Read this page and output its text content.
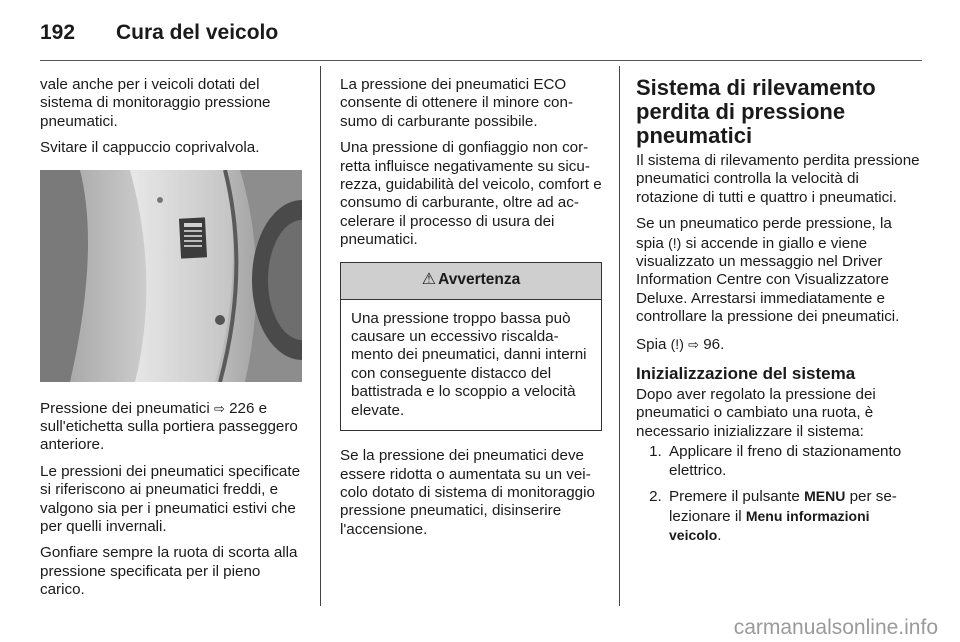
192	Cura del veicolo

vale anche per i veicoli dotati del sistema di monitoraggio pressione pneumatici.

Svitare il cappuccio coprivalvola.

Pressione dei pneumatici ⇨ 226 e sull'etichetta sulla portiera passeggero anteriore.

Le pressioni dei pneumatici specificate si riferiscono ai pneumatici freddi, e valgono sia per i pneumatici estivi che per quelli invernali.

Gonfiare sempre la ruota di scorta alla pressione specificata per il pieno carico.

La pressione dei pneumatici ECO consente di ottenere il minore consumo di carburante possibile.

Una pressione di gonfiaggio non corretta influisce negativamente su sicurezza, guidabilità del veicolo, comfort e consumo di carburante, oltre ad accelerare il processo di usura dei pneumatici.

⚠ Avvertenza
Una pressione troppo bassa può causare un eccessivo riscaldamento dei pneumatici, danni interni con conseguente distacco del battistrada e lo scoppio a velocità elevate.

Se la pressione dei pneumatici deve essere ridotta o aumentata su un veicolo dotato di sistema di monitoraggio pressione pneumatici, disinserire l'accensione.

Sistema di rilevamento perdita di pressione pneumatici

Il sistema di rilevamento perdita pressione pneumatici controlla la velocità di rotazione di tutti e quattro i pneumatici.

Se un pneumatico perde pressione, la spia (!) si accende in giallo e viene visualizzato un messaggio nel Driver Information Centre con Visualizzatore Deluxe. Arrestarsi immediatamente e controllare la pressione dei pneumatici.

Spia (!) ⇨ 96.

Inizializzazione del sistema

Dopo aver regolato la pressione dei pneumatici o cambiato una ruota, è necessario inizializzare il sistema:

1. Applicare il freno di stazionamento elettrico.
2. Premere il pulsante MENU per selezionare il Menu informazioni veicolo.
carmanualsonline.info
